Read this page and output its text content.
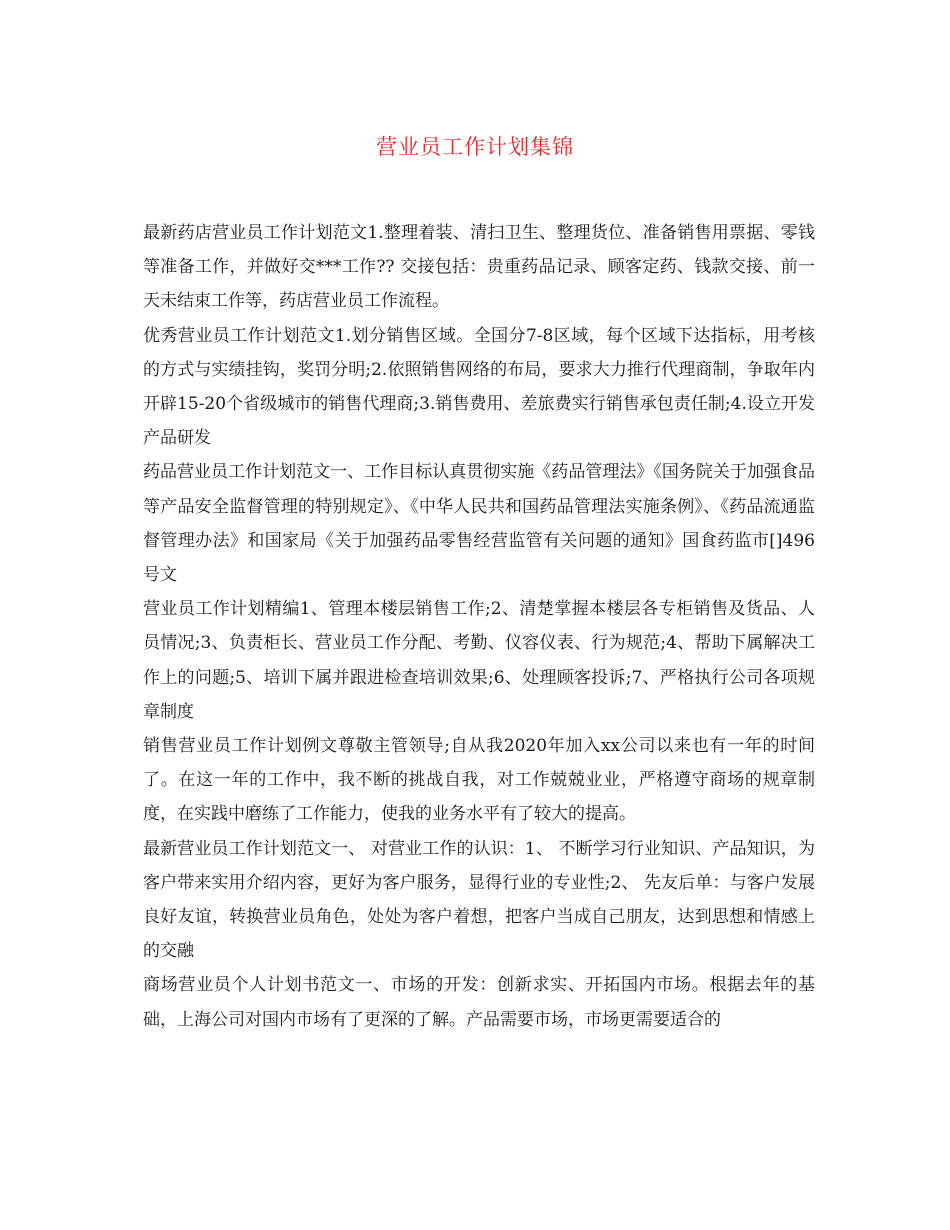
营业员工作计划集锦

最新药店营业员工作计划范文1.整理着装、清扫卫生、整理货位、准备销售用票据、零钱等准备工作，并做好交***工作?? 交接包括：贵重药品记录、顾客定药、钱款交接、前一天未结束工作等，药店营业员工作流程。

优秀营业员工作计划范文1.划分销售区域。全国分7-8区域，每个区域下达指标，用考核的方式与实绩挂钩，奖罚分明;2.依照销售网络的布局，要求大力推行代理商制，争取年内开辟15-20个省级城市的销售代理商;3.销售费用、差旅费实行销售承包责任制;4.设立开发产品研发

药品营业员工作计划范文一、工作目标认真贯彻实施《药品管理法》《国务院关于加强食品等产品安全监督管理的特别规定》、《中华人民共和国药品管理法实施条例》、《药品流通监督管理办法》和国家局《关于加强药品零售经营监管有关问题的通知》国食药监市[]496号文

营业员工作计划精编1、管理本楼层销售工作;2、清楚掌握本楼层各专柜销售及货品、人员情况;3、负责柜长、营业员工作分配、考勤、仪容仪表、行为规范;4、帮助下属解决工作上的问题;5、培训下属并跟进检查培训效果;6、处理顾客投诉;7、严格执行公司各项规章制度

销售营业员工作计划例文尊敬主管领导;自从我2020年加入xx公司以来也有一年的时间了。在这一年的工作中，我不断的挑战自我，对工作兢兢业业，严格遵守商场的规章制度，在实践中磨练了工作能力，使我的业务水平有了较大的提高。

最新营业员工作计划范文一、 对营业工作的认识：1、 不断学习行业知识、产品知识，为客户带来实用介绍内容，更好为客户服务，显得行业的专业性;2、 先友后单：与客户发展良好友谊，转换营业员角色，处处为客户着想，把客户当成自己朋友，达到思想和情感上的交融

商场营业员个人计划书范文一、市场的开发：创新求实、开拓国内市场。根据去年的基础，上海公司对国内市场有了更深的了解。产品需要市场，市场更需要适合的
